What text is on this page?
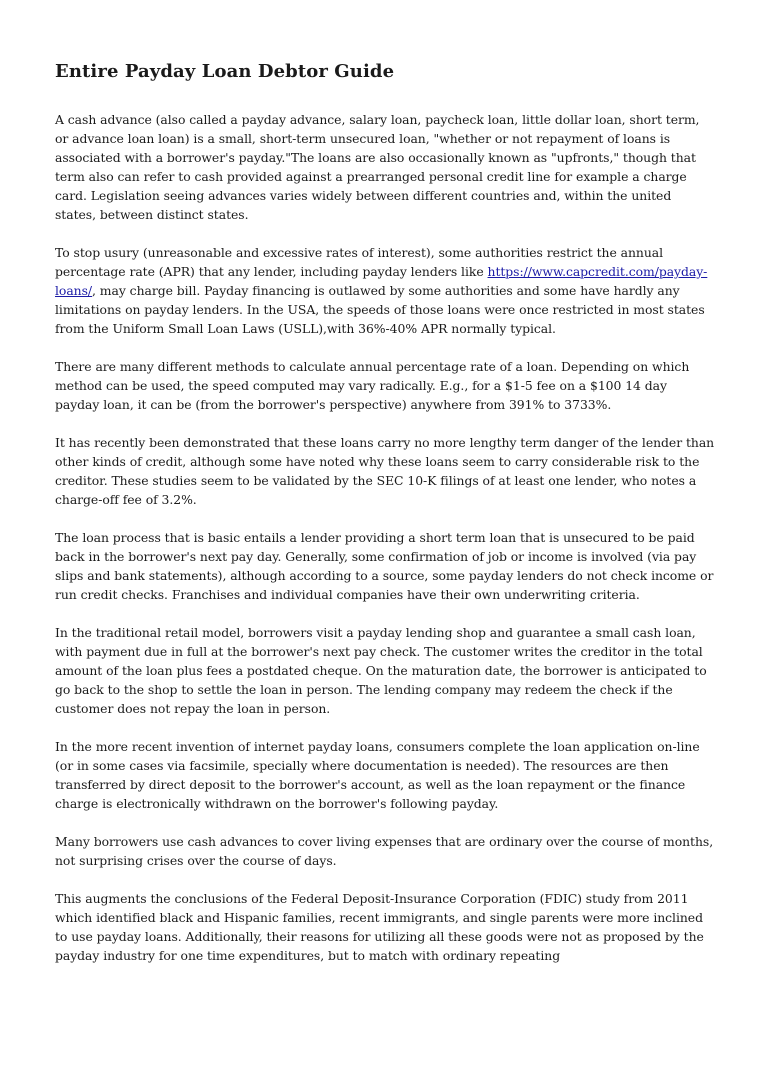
Entire Payday Loan Debtor Guide

A cash advance (also called a payday advance, salary loan, paycheck loan, little dollar loan, short term, or advance loan loan) is a small, short-term unsecured loan, "whether or not repayment of loans is associated with a borrower's payday."The loans are also occasionally known as "upfronts," though that term also can refer to cash provided against a prearranged personal credit line for example a charge card. Legislation seeing advances varies widely between different countries and, within the united states, between distinct states.

To stop usury (unreasonable and excessive rates of interest), some authorities restrict the annual percentage rate (APR) that any lender, including payday lenders like https://www.capcredit.com/payday-loans/, may charge bill. Payday financing is outlawed by some authorities and some have hardly any limitations on payday lenders. In the USA, the speeds of those loans were once restricted in most states from the Uniform Small Loan Laws (USLL),with 36%-40% APR normally typical.

There are many different methods to calculate annual percentage rate of a loan. Depending on which method can be used, the speed computed may vary radically. E.g., for a $1-5 fee on a $100 14 day payday loan, it can be (from the borrower's perspective) anywhere from 391% to 3733%.

It has recently been demonstrated that these loans carry no more lengthy term danger of the lender than other kinds of credit, although some have noted why these loans seem to carry considerable risk to the creditor. These studies seem to be validated by the SEC 10-K filings of at least one lender, who notes a charge-off fee of 3.2%.

The loan process that is basic entails a lender providing a short term loan that is unsecured to be paid back in the borrower's next pay day. Generally, some confirmation of job or income is involved (via pay slips and bank statements), although according to a source, some payday lenders do not check income or run credit checks. Franchises and individual companies have their own underwriting criteria.

In the traditional retail model, borrowers visit a payday lending shop and guarantee a small cash loan, with payment due in full at the borrower's next pay check. The customer writes the creditor in the total amount of the loan plus fees a postdated cheque. On the maturation date, the borrower is anticipated to go back to the shop to settle the loan in person. The lending company may redeem the check if the customer does not repay the loan in person.

In the more recent invention of internet payday loans, consumers complete the loan application on-line (or in some cases via facsimile, specially where documentation is needed). The resources are then transferred by direct deposit to the borrower's account, as well as the loan repayment or the finance charge is electronically withdrawn on the borrower's following payday.

Many borrowers use cash advances to cover living expenses that are ordinary over the course of months, not surprising crises over the course of days.

This augments the conclusions of the Federal Deposit-Insurance Corporation (FDIC) study from 2011 which identified black and Hispanic families, recent immigrants, and single parents were more inclined to use payday loans. Additionally, their reasons for utilizing all these goods were not as proposed by the payday industry for one time expenditures, but to match with ordinary repeating
